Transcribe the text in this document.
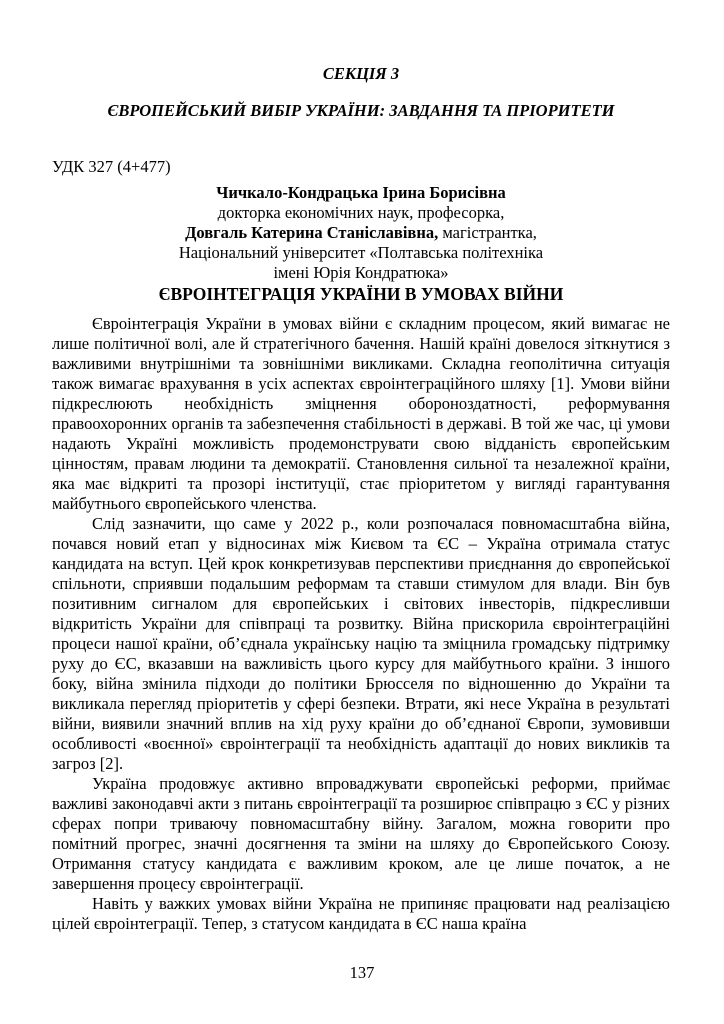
СЕКЦІЯ 3
ЄВРОПЕЙСЬКИЙ ВИБІР УКРАЇНИ: ЗАВДАННЯ ТА ПРІОРИТЕТИ
УДК 327 (4+477)
Чичкало-Кондрацька Ірина Борисівна
докторка економічних наук, професорка,
Довгаль Катерина Станіславівна, магістрантка,
Національний університет «Полтавська політехніка
імені Юрія Кондратюка»
ЄВРОІНТЕГРАЦІЯ УКРАЇНИ В УМОВАХ ВІЙНИ

Євроінтеграція України в умовах війни є складним процесом, який вимагає не лише політичної волі, але й стратегічного бачення. Нашій країні довелося зіткнутися з важливими внутрішніми та зовнішніми викликами. Складна геополітична ситуація також вимагає врахування в усіх аспектах євроінтеграційного шляху [1]. Умови війни підкреслюють необхідність зміцнення обороноздатності, реформування правоохоронних органів та забезпечення стабільності в державі. В той же час, ці умови надають Україні можливість продемонструвати свою відданість європейським цінностям, правам людини та демократії. Становлення сильної та незалежної країни, яка має відкриті та прозорі інституції, стає пріоритетом у вигляді гарантування майбутнього європейського членства.

Слід зазначити, що саме у 2022 р., коли розпочалася повномасштабна війна, почався новий етап у відносинах між Києвом та ЄС – Україна отримала статус кандидата на вступ. Цей крок конкретизував перспективи приєднання до європейської спільноти, сприявши подальшим реформам та ставши стимулом для влади. Він був позитивним сигналом для європейських і світових інвесторів, підкресливши відкритість України для співпраці та розвитку. Війна прискорила євроінтеграційні процеси нашої країни, об’єднала українську націю та зміцнила громадську підтримку руху до ЄС, вказавши на важливість цього курсу для майбутнього країни. З іншого боку, війна змінила підходи до політики Брюсселя по відношенню до України та викликала перегляд пріоритетів у сфері безпеки. Втрати, які несе Україна в результаті війни, виявили значний вплив на хід руху країни до об’єднаної Європи, зумовивши особливості «воєнної» євроінтеграції та необхідність адаптації до нових викликів та загроз [2].

Україна продовжує активно впроваджувати європейські реформи, приймає важливі законодавчі акти з питань євроінтеграції та розширює співпрацю з ЄС у різних сферах попри триваючу повномасштабну війну. Загалом, можна говорити про помітний прогрес, значні досягнення та зміни на шляху до Європейського Союзу. Отримання статусу кандидата є важливим кроком, але це лише початок, а не завершення процесу євроінтеграції.

Навіть у важких умовах війни Україна не припиняє працювати над реалізацією цілей євроінтеграції. Тепер, з статусом кандидата в ЄС наша країна

137
